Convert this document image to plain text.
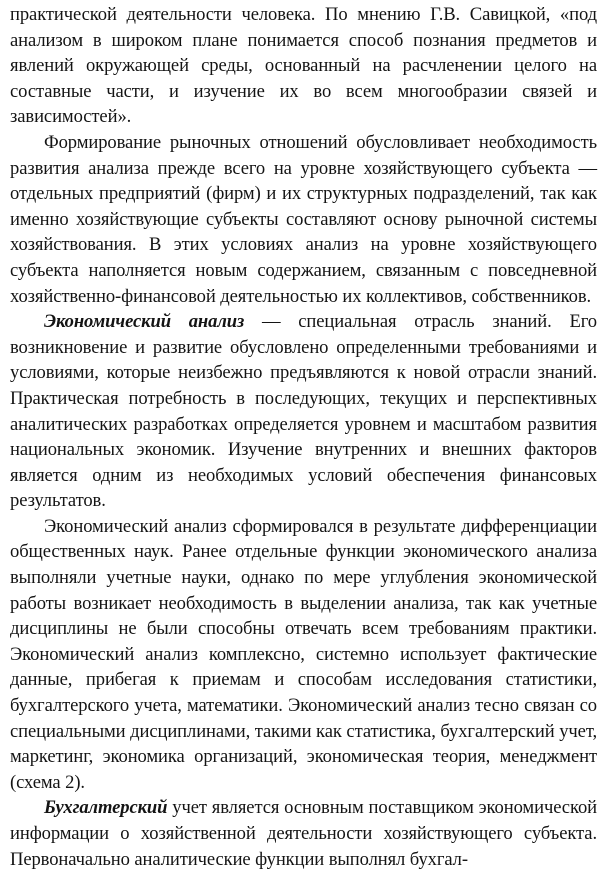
практической деятельности человека. По мнению Г.В. Савицкой, «под анализом в широком плане понимается способ познания предметов и явлений окружающей среды, основанный на расчленении целого на составные части, и изучение их во всем многообразии связей и зависимостей».

Формирование рыночных отношений обусловливает необходимость развития анализа прежде всего на уровне хозяйствующего субъекта — отдельных предприятий (фирм) и их структурных подразделений, так как именно хозяйствующие субъекты составляют основу рыночной системы хозяйствования. В этих условиях анализ на уровне хозяйствующего субъекта наполняется новым содержанием, связанным с повседневной хозяйственно-финансовой деятельностью их коллективов, собственников.

Экономический анализ — специальная отрасль знаний. Его возникновение и развитие обусловлено определенными требованиями и условиями, которые неизбежно предъявляются к новой отрасли знаний. Практическая потребность в последующих, текущих и перспективных аналитических разработках определяется уровнем и масштабом развития национальных экономик. Изучение внутренних и внешних факторов является одним из необходимых условий обеспечения финансовых результатов.

Экономический анализ сформировался в результате дифференциации общественных наук. Ранее отдельные функции экономического анализа выполняли учетные науки, однако по мере углубления экономической работы возникает необходимость в выделении анализа, так как учетные дисциплины не были способны отвечать всем требованиям практики. Экономический анализ комплексно, системно использует фактические данные, прибегая к приемам и способам исследования статистики, бухгалтерского учета, математики. Экономический анализ тесно связан со специальными дисциплинами, такими как статистика, бухгалтерский учет, маркетинг, экономика организаций, экономическая теория, менеджмент (схема 2).

Бухгалтерский учет является основным поставщиком экономической информации о хозяйственной деятельности хозяйствующего субъекта. Первоначально аналитические функции выполнял бухгал-
